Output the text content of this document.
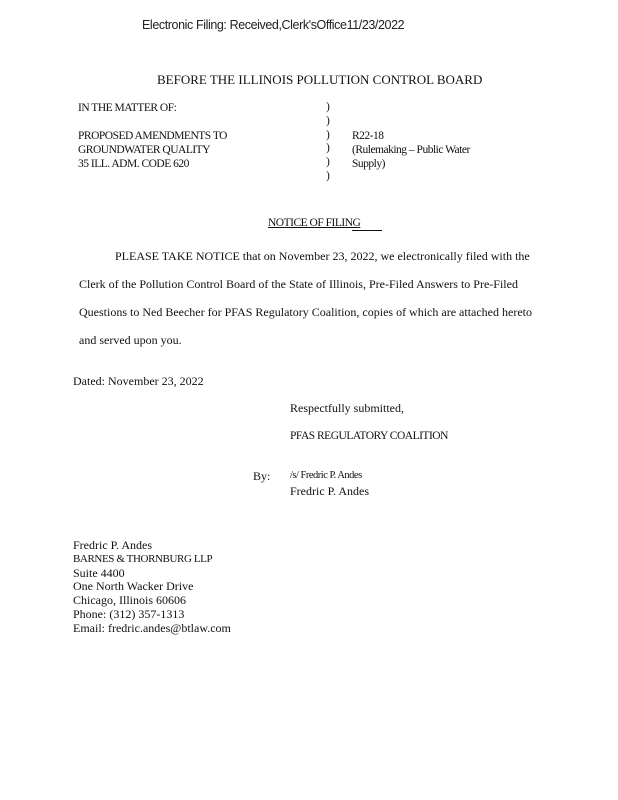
Electronic Filing: Received,Clerk'sOffice11/23/2022
BEFORE THE ILLINOIS POLLUTION CONTROL BOARD
IN THE MATTER OF:
PROPOSED AMENDMENTS TO
GROUNDWATER QUALITY
35 ILL. ADM. CODE 620
)
)
)
)
)
)
R22-18
(Rulemaking – Public Water
Supply)
NOTICE OF FILING
PLEASE TAKE NOTICE that on November 23, 2022, we electronically filed with the
Clerk of the Pollution Control Board of the State of Illinois, Pre-Filed Answers to Pre-Filed
Questions to Ned Beecher for PFAS Regulatory Coalition, copies of which are attached hereto
and served upon you.
Dated: November 23, 2022
Respectfully submitted,
PFAS REGULATORY COALITION
By: /s/ Fredric P. Andes
Fredric P. Andes
Fredric P. Andes
BARNES & THORNBURG LLP
Suite 4400
One North Wacker Drive
Chicago, Illinois 60606
Phone: (312) 357-1313
Email: fredric.andes@btlaw.com
